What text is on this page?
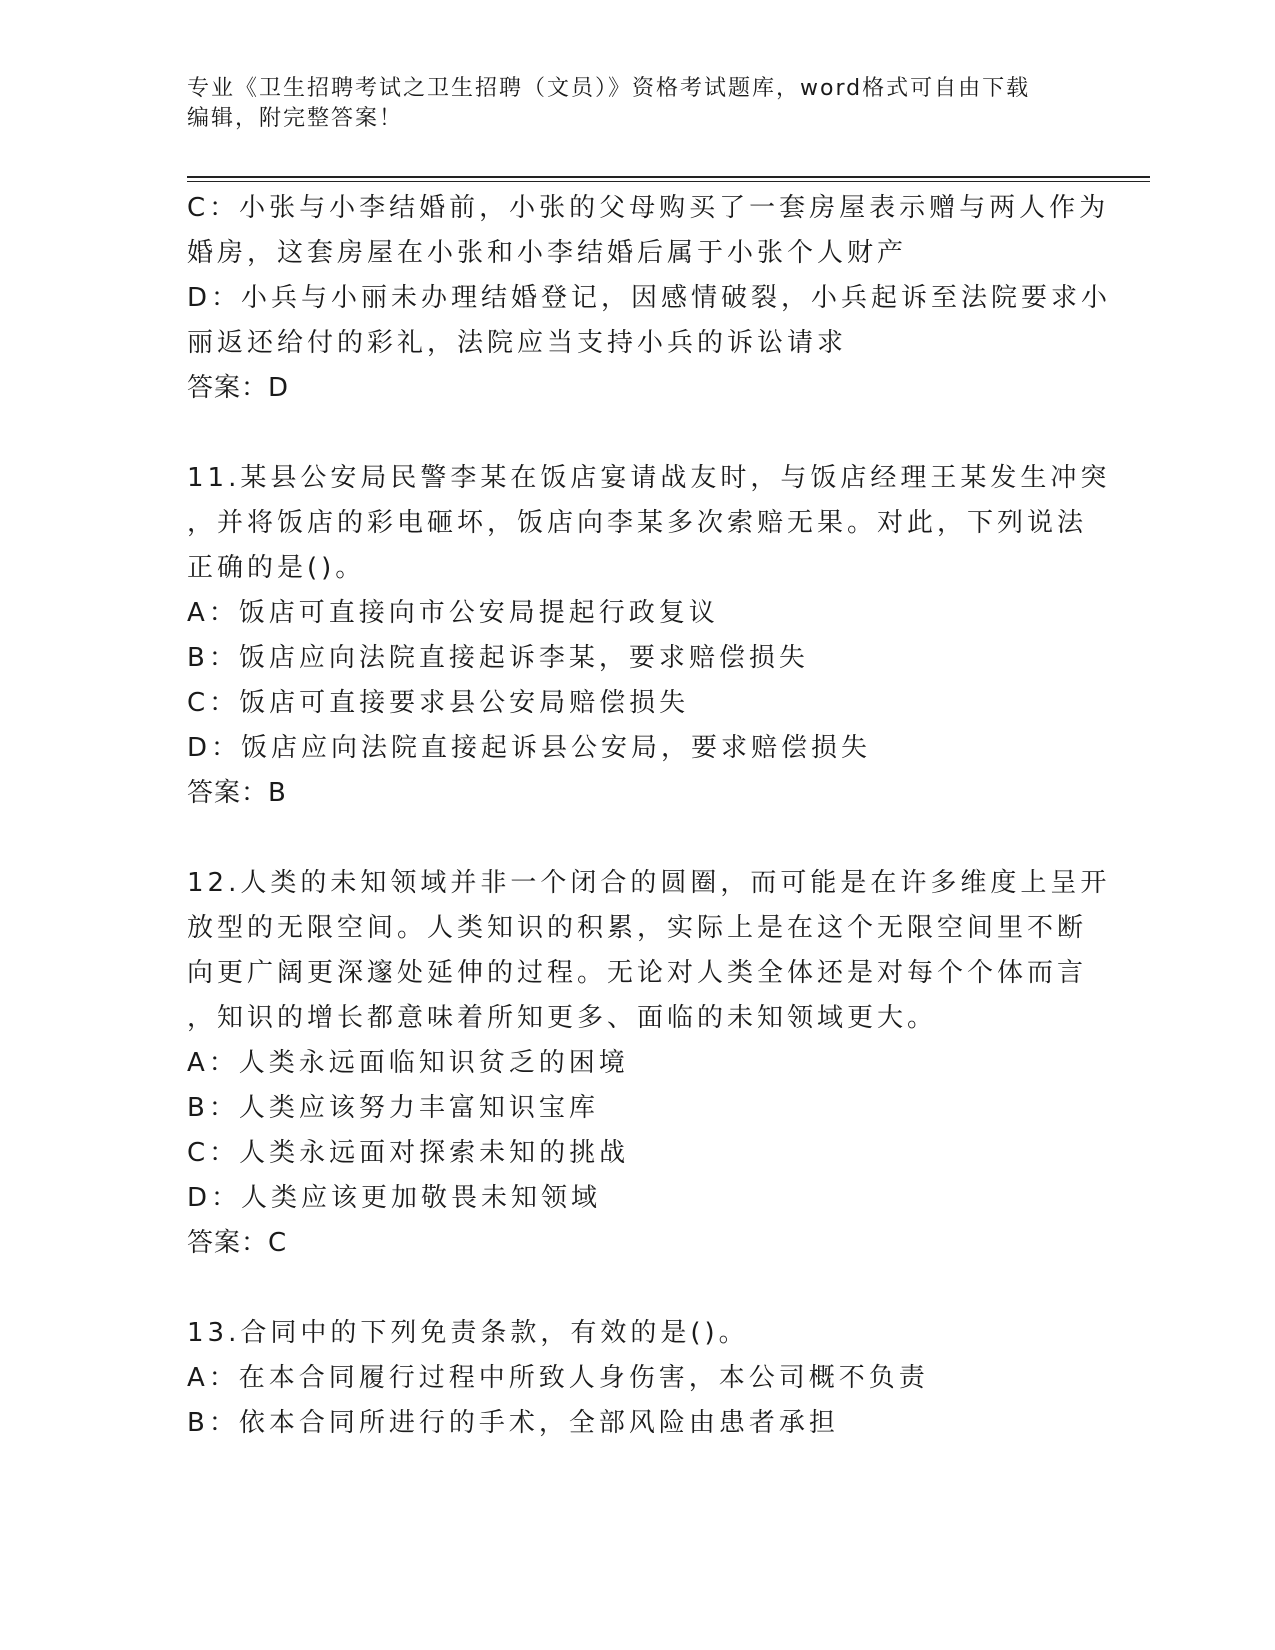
专业《卫生招聘考试之卫生招聘（文员）》资格考试题库，word格式可自由下载

编辑，附完整答案！

C：小张与小李结婚前，小张的父母购买了一套房屋表示赠与两人作为

婚房，这套房屋在小张和小李结婚后属于小张个人财产

D：小兵与小丽未办理结婚登记，因感情破裂，小兵起诉至法院要求小

丽返还给付的彩礼，法院应当支持小兵的诉讼请求

答案：D

11.某县公安局民警李某在饭店宴请战友时，与饭店经理王某发生冲突

，并将饭店的彩电砸坏，饭店向李某多次索赔无果。对此，下列说法

正确的是()。

A：饭店可直接向市公安局提起行政复议

B：饭店应向法院直接起诉李某，要求赔偿损失

C：饭店可直接要求县公安局赔偿损失

D：饭店应向法院直接起诉县公安局，要求赔偿损失

答案：B

12.人类的未知领域并非一个闭合的圆圈，而可能是在许多维度上呈开

放型的无限空间。人类知识的积累，实际上是在这个无限空间里不断

向更广阔更深邃处延伸的过程。无论对人类全体还是对每个个体而言

，知识的增长都意味着所知更多、面临的未知领域更大。

A：人类永远面临知识贫乏的困境

B：人类应该努力丰富知识宝库

C：人类永远面对探索未知的挑战

D：人类应该更加敬畏未知领域

答案：C

13.合同中的下列免责条款，有效的是()。

A：在本合同履行过程中所致人身伤害，本公司概不负责

B：依本合同所进行的手术，全部风险由患者承担
